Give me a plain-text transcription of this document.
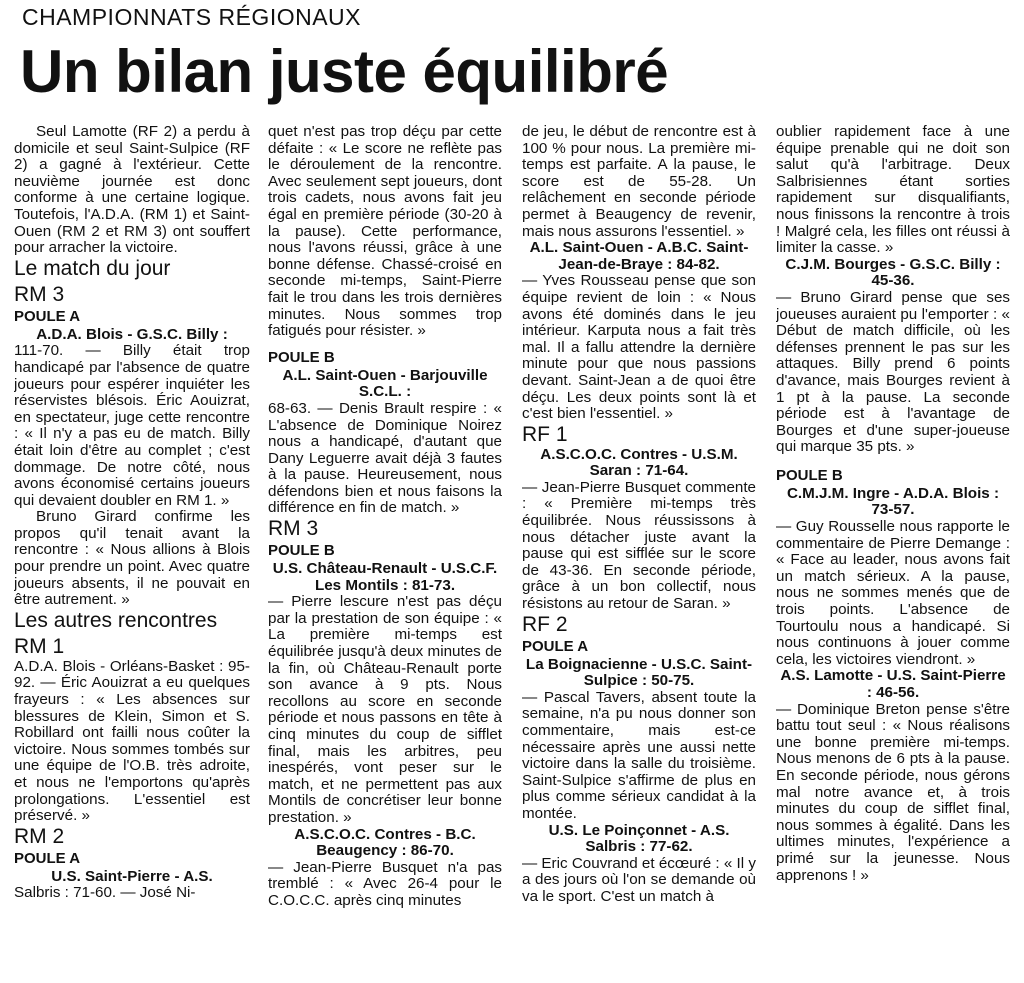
CHAMPIONNATS RÉGIONAUX
Un bilan juste équilibré

Seul Lamotte (RF 2) a perdu à domicile et seul Saint-Sulpice (RF 2) a gagné à l'extérieur. Cette neuvième journée est donc conforme à une certaine logique. Toutefois, l'A.D.A. (RM 1) et Saint-Ouen (RM 2 et RM 3) ont souffert pour arracher la victoire.

Le match du jour

RM 3

POULE A

A.D.A. Blois - G.S.C. Billy :

111-70. — Billy était trop handicapé par l'absence de quatre joueurs pour espérer inquiéter les réservistes blésois. Éric Aouizrat, en spectateur, juge cette rencontre : « Il n'y a pas eu de match. Billy était loin d'être au complet ; c'est dommage. De notre côté, nous avons économisé certains joueurs qui devaient doubler en RM 1. »

Bruno Girard confirme les propos qu'il tenait avant la rencontre : « Nous allions à Blois pour prendre un point. Avec quatre joueurs absents, il ne pouvait en être autrement. »

Les autres rencontres

RM 1

A.D.A. Blois - Orléans-Basket : 95-92. — Éric Aouizrat a eu quelques frayeurs : « Les absences sur blessures de Klein, Simon et S. Robillard ont failli nous coûter la victoire. Nous sommes tombés sur une équipe de l'O.B. très adroite, et nous ne l'emportons qu'après prolongations. L'essentiel est préservé. »

RM 2

POULE A

U.S. Saint-Pierre - A.S.

Salbris : 71-60. — José Ni-

quet n'est pas trop déçu par cette défaite : « Le score ne reflète pas le déroulement de la rencontre. Avec seulement sept joueurs, dont trois cadets, nous avons fait jeu égal en première période (30-20 à la pause). Cette performance, nous l'avons réussi, grâce à une bonne défense. Chassé-croisé en seconde mi-temps, Saint-Pierre fait le trou dans les trois dernières minutes. Nous sommes trop fatigués pour résister. »

POULE B

A.L. Saint-Ouen - Barjouville S.C.L. :

68-63. — Denis Brault respire : « L'absence de Dominique Noirez nous a handicapé, d'autant que Dany Leguerre avait déjà 3 fautes à la pause. Heureusement, nous défendons bien et nous faisons la différence en fin de match. »

RM 3

POULE B

U.S. Château-Renault - U.S.C.F. Les Montils : 81-73.

— Pierre lescure n'est pas déçu par la prestation de son équipe : « La première mi-temps est équilibrée jusqu'à deux minutes de la fin, où Château-Renault porte son avance à 9 pts. Nous recollons au score en seconde période et nous passons en tête à cinq minutes du coup de sifflet final, mais les arbitres, peu inespérés, vont peser sur le match, et ne permettent pas aux Montils de concrétiser leur bonne prestation. »

A.S.C.O.C. Contres - B.C. Beaugency : 86-70.

— Jean-Pierre Busquet n'a pas tremblé : « Avec 26-4 pour le C.O.C.C. après cinq minutes

de jeu, le début de rencontre est à 100 % pour nous. La première mi-temps est parfaite. A la pause, le score est de 55-28. Un relâchement en seconde période permet à Beaugency de revenir, mais nous assurons l'essentiel. »

A.L. Saint-Ouen - A.B.C. Saint-Jean-de-Braye : 84-82.

— Yves Rousseau pense que son équipe revient de loin : « Nous avons été dominés dans le jeu intérieur. Karputa nous a fait très mal. Il a fallu attendre la dernière minute pour que nous passions devant. Saint-Jean a de quoi être déçu. Les deux points sont là et c'est bien l'essentiel. »

RF 1

A.S.C.O.C. Contres - U.S.M. Saran : 71-64.

— Jean-Pierre Busquet commente : « Première mi-temps très équilibrée. Nous réussissons à nous détacher juste avant la pause qui est sifflée sur le score de 43-36. En seconde période, grâce à un bon collectif, nous résistons au retour de Saran. »

RF 2

POULE A

La Boignacienne - U.S.C. Saint-Sulpice : 50-75.

— Pascal Tavers, absent toute la semaine, n'a pu nous donner son commentaire, mais est-ce nécessaire après une aussi nette victoire dans la salle du troisième. Saint-Sulpice s'affirme de plus en plus comme sérieux candidat à la montée.

U.S. Le Poinçonnet - A.S. Salbris : 77-62.

— Eric Couvrand et écœuré : « Il y a des jours où l'on se demande où va le sport. C'est un match à

oublier rapidement face à une équipe prenable qui ne doit son salut qu'à l'arbitrage. Deux Salbrisiennes étant sorties rapidement sur disqualifiants, nous finissons la rencontre à trois ! Malgré cela, les filles ont réussi à limiter la casse. »

C.J.M. Bourges - G.S.C. Billy : 45-36.

— Bruno Girard pense que ses joueuses auraient pu l'emporter : « Début de match difficile, où les défenses prennent le pas sur les attaques. Billy prend 6 points d'avance, mais Bourges revient à 1 pt à la pause. La seconde période est à l'avantage de Bourges et d'une super-joueuse qui marque 35 pts. »

POULE B

C.M.J.M. Ingre - A.D.A. Blois : 73-57.

— Guy Rousselle nous rapporte le commentaire de Pierre Demange : « Face au leader, nous avons fait un match sérieux. A la pause, nous ne sommes menés que de trois points. L'absence de Tourtoulu nous a handicapé. Si nous continuons à jouer comme cela, les victoires viendront. »

A.S. Lamotte - U.S. Saint-Pierre : 46-56.

— Dominique Breton pense s'être battu tout seul : « Nous réalisons une bonne première mi-temps. Nous menons de 6 pts à la pause. En seconde période, nous gérons mal notre avance et, à trois minutes du coup de sifflet final, nous sommes à égalité. Dans les ultimes minutes, l'expérience a primé sur la jeunesse. Nous apprenons ! »
